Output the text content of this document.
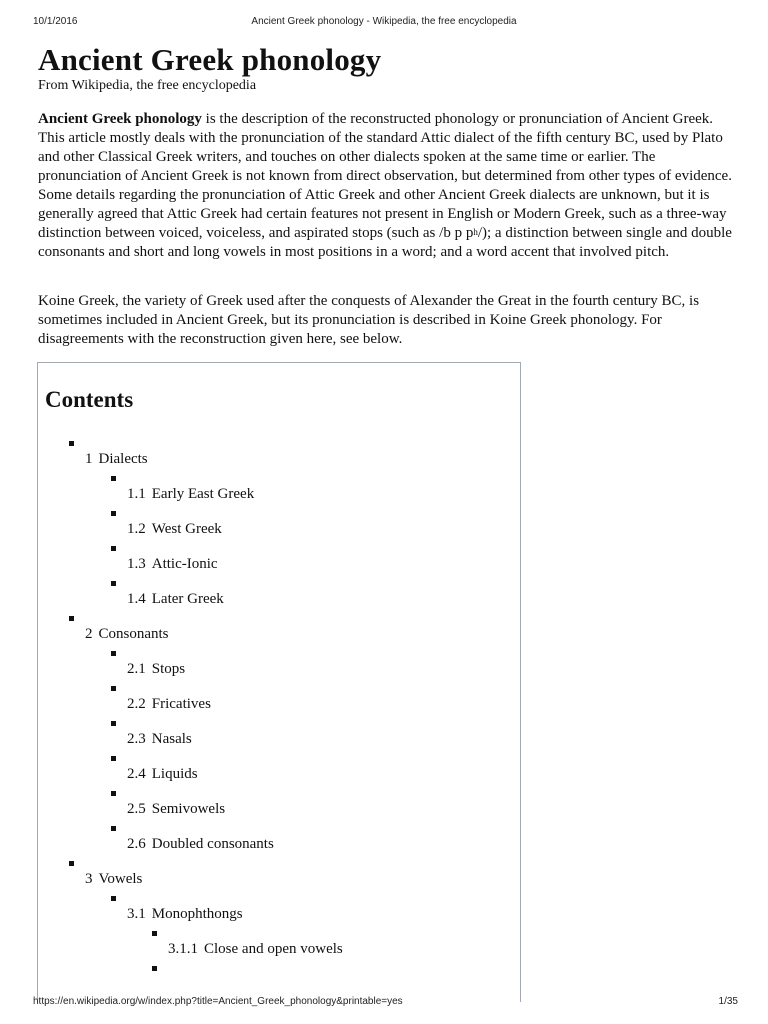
10/1/2016	Ancient Greek phonology - Wikipedia, the free encyclopedia
Ancient Greek phonology
From Wikipedia, the free encyclopedia

Ancient Greek phonology is the description of the reconstructed phonology or pronunciation of Ancient Greek. This article mostly deals with the pronunciation of the standard Attic dialect of the fifth century BC, used by Plato and other Classical Greek writers, and touches on other dialects spoken at the same time or earlier. The pronunciation of Ancient Greek is not known from direct observation, but determined from other types of evidence. Some details regarding the pronunciation of Attic Greek and other Ancient Greek dialects are unknown, but it is generally agreed that Attic Greek had certain features not present in English or Modern Greek, such as a three-way distinction between voiced, voiceless, and aspirated stops (such as /b p $p^h/$); a distinction between single and double consonants and short and long vowels in most positions in a word; and a word accent that involved pitch.

Koine Greek, the variety of Greek used after the conquests of Alexander the Great in the fourth century BC, is sometimes included in Ancient Greek, but its pronunciation is described in Koine Greek phonology. For disagreements with the reconstruction given here, see below.

Contents
1 Dialects
1.1 Early East Greek
1.2 West Greek
1.3 Attic-Ionic
1.4 Later Greek
2 Consonants
2.1 Stops
2.2 Fricatives
2.3 Nasals
2.4 Liquids
2.5 Semivowels
2.6 Doubled consonants
3 Vowels
3.1 Monophthongs
3.1.1 Close and open vowels
https://en.wikipedia.org/w/index.php?title=Ancient_Greek_phonology&printable=yes	1/35
